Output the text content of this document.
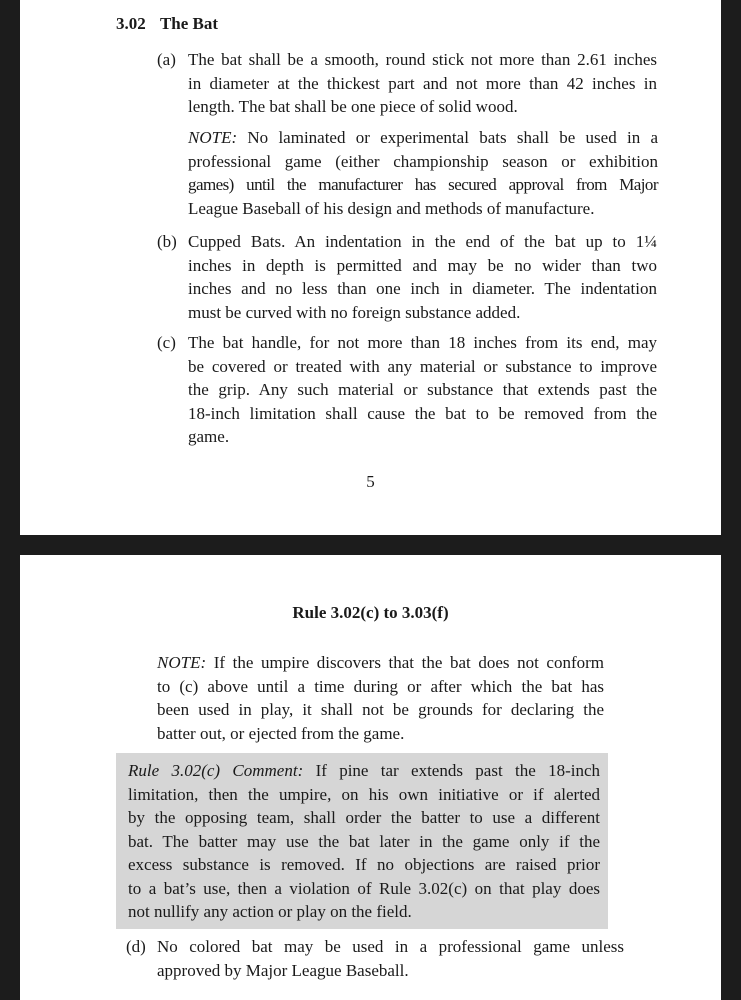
3.02 The Bat
(a) The bat shall be a smooth, round stick not more than 2.61 inches
in diameter at the thickest part and not more than 42 inches in
length. The bat shall be one piece of solid wood.
NOTE: No laminated or experimental bats shall be used in a
professional game (either championship season or exhibition
games) until the manufacturer has secured approval from Major
League Baseball of his design and methods of manufacture.
(b) Cupped Bats. An indentation in the end of the bat up to 1¼
inches in depth is permitted and may be no wider than two
inches and no less than one inch in diameter. The indentation
must be curved with no foreign substance added.
(c) The bat handle, for not more than 18 inches from its end, may
be covered or treated with any material or substance to improve
the grip. Any such material or substance that extends past the
18-inch limitation shall cause the bat to be removed from the
game.
5
Rule 3.02(c) to 3.03(f)
NOTE: If the umpire discovers that the bat does not conform
to (c) above until a time during or after which the bat has
been used in play, it shall not be grounds for declaring the
batter out, or ejected from the game.
Rule 3.02(c) Comment: If pine tar extends past the 18-inch
limitation, then the umpire, on his own initiative or if alerted
by the opposing team, shall order the batter to use a different
bat. The batter may use the bat later in the game only if the
excess substance is removed. If no objections are raised prior
to a bat’s use, then a violation of Rule 3.02(c) on that play does
not nullify any action or play on the field.
(d) No colored bat may be used in a professional game unless
approved by Major League Baseball.
